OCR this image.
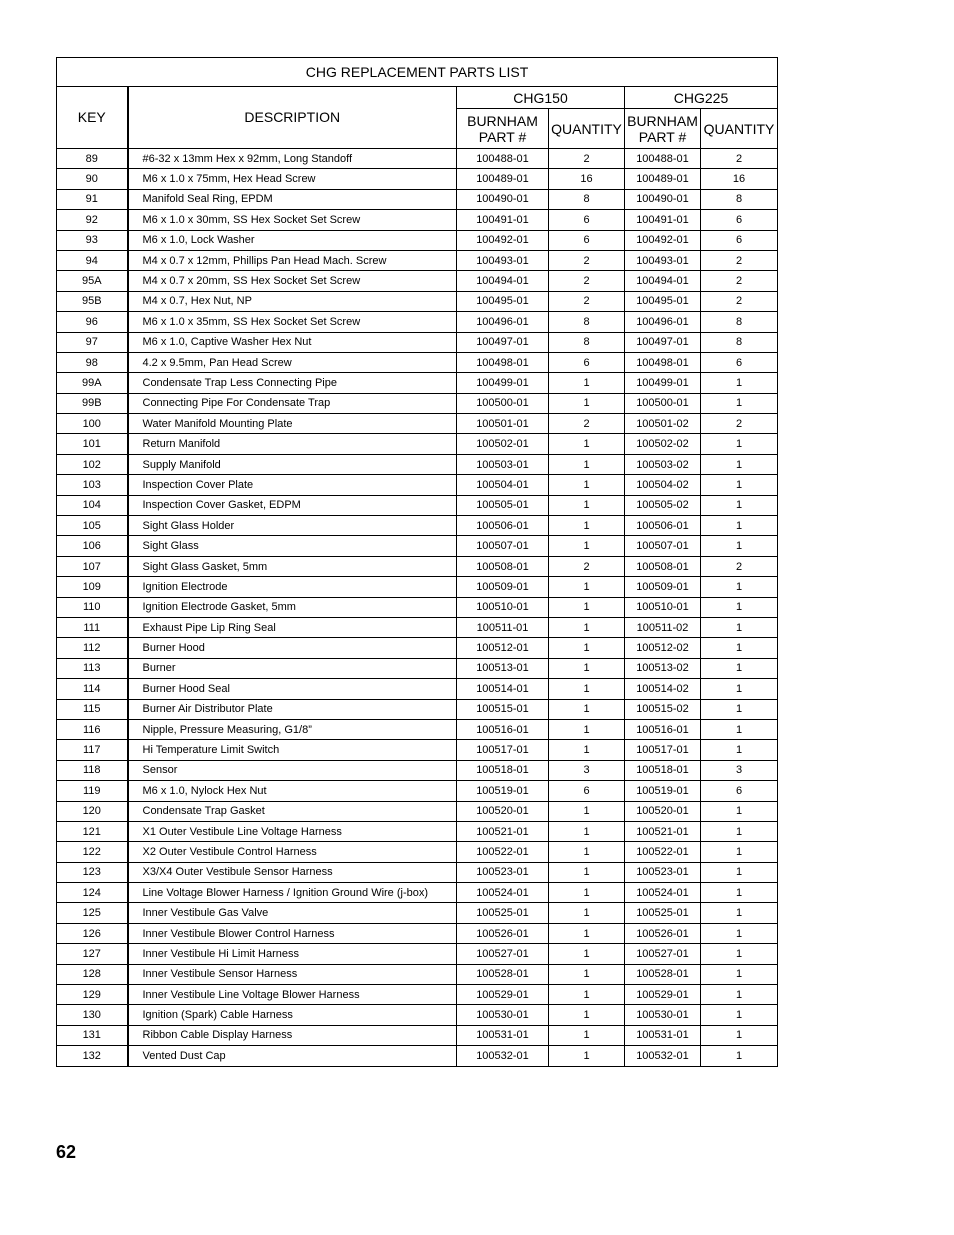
CHG REPLACEMENT PARTS LIST					
KEY	DESCRIPTION	CHG150		CHG225	
		BURNHAM PART #	QUANTITY	BURNHAM PART #	QUANTITY
89	#6-32 x 13mm Hex x 92mm, Long Standoff	100488-01	2	100488-01	2
90	M6 x 1.0 x 75mm, Hex Head Screw	100489-01	16	100489-01	16
91	Manifold Seal Ring, EPDM	100490-01	8	100490-01	8
92	M6 x 1.0 x 30mm, SS Hex Socket Set Screw	100491-01	6	100491-01	6
93	M6 x 1.0, Lock Washer	100492-01	6	100492-01	6
94	M4 x 0.7 x 12mm, Phillips Pan Head Mach. Screw	100493-01	2	100493-01	2
95A	M4 x 0.7 x 20mm, SS Hex Socket Set Screw	100494-01	2	100494-01	2
95B	M4 x 0.7, Hex Nut, NP	100495-01	2	100495-01	2
96	M6 x 1.0 x 35mm, SS Hex Socket Set Screw	100496-01	8	100496-01	8
97	M6 x 1.0, Captive Washer Hex Nut	100497-01	8	100497-01	8
98	4.2 x 9.5mm, Pan Head Screw	100498-01	6	100498-01	6
99A	Condensate Trap Less Connecting Pipe	100499-01	1	100499-01	1
99B	Connecting Pipe For Condensate Trap	100500-01	1	100500-01	1
100	Water Manifold Mounting Plate	100501-01	2	100501-02	2
101	Return Manifold	100502-01	1	100502-02	1
102	Supply Manifold	100503-01	1	100503-02	1
103	Inspection Cover Plate	100504-01	1	100504-02	1
104	Inspection Cover Gasket, EDPM	100505-01	1	100505-02	1
105	Sight Glass Holder	100506-01	1	100506-01	1
106	Sight Glass	100507-01	1	100507-01	1
107	Sight Glass Gasket, 5mm	100508-01	2	100508-01	2
109	Ignition Electrode	100509-01	1	100509-01	1
110	Ignition Electrode Gasket, 5mm	100510-01	1	100510-01	1
111	Exhaust Pipe Lip Ring Seal	100511-01	1	100511-02	1
112	Burner Hood	100512-01	1	100512-02	1
113	Burner	100513-01	1	100513-02	1
114	Burner Hood Seal	100514-01	1	100514-02	1
115	Burner Air Distributor Plate	100515-01	1	100515-02	1
116	Nipple, Pressure Measuring, G1/8”	100516-01	1	100516-01	1
117	Hi Temperature Limit Switch	100517-01	1	100517-01	1
118	Sensor	100518-01	3	100518-01	3
119	M6 x 1.0, Nylock Hex Nut	100519-01	6	100519-01	6
120	Condensate Trap Gasket	100520-01	1	100520-01	1
121	X1 Outer Vestibule Line Voltage Harness	100521-01	1	100521-01	1
122	X2 Outer Vestibule Control Harness	100522-01	1	100522-01	1
123	X3/X4 Outer Vestibule Sensor Harness	100523-01	1	100523-01	1
124	Line Voltage Blower Harness / Ignition Ground Wire (j-box)	100524-01	1	100524-01	1
125	Inner Vestibule Gas Valve	100525-01	1	100525-01	1
126	Inner Vestibule Blower Control Harness	100526-01	1	100526-01	1
127	Inner Vestibule Hi Limit Harness	100527-01	1	100527-01	1
128	Inner Vestibule Sensor Harness	100528-01	1	100528-01	1
129	Inner Vestibule Line Voltage Blower Harness	100529-01	1	100529-01	1
130	Ignition (Spark) Cable Harness	100530-01	1	100530-01	1
131	Ribbon Cable Display Harness	100531-01	1	100531-01	1
132	Vented Dust Cap	100532-01	1	100532-01	1
62
